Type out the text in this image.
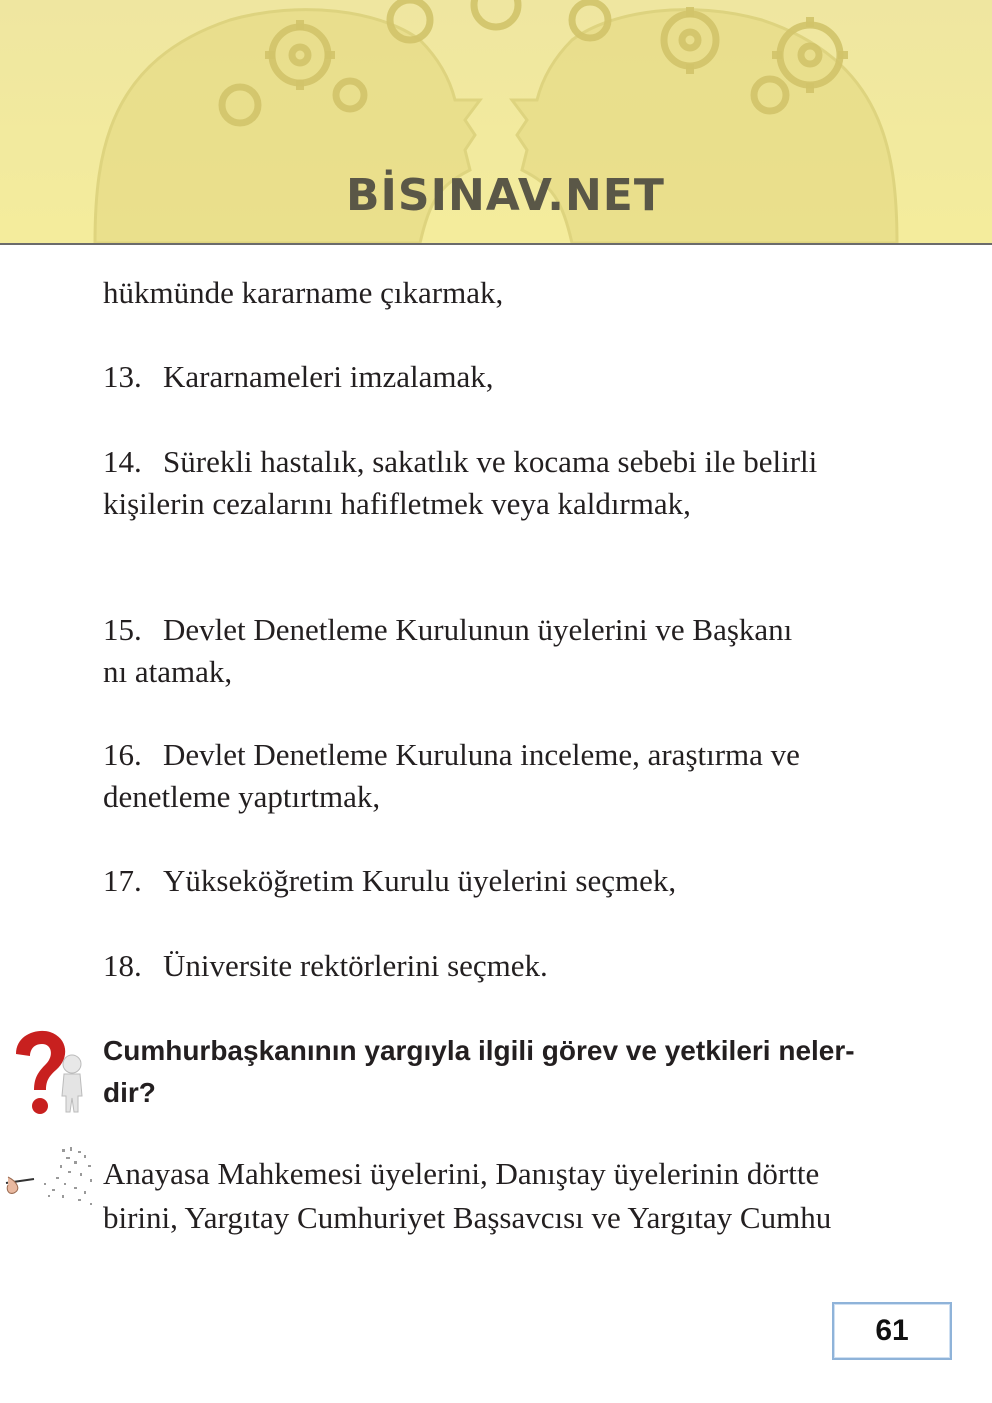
BİSINAV.NET
hükmünde kararname çıkarmak,
13. Kararnameleri imzalamak,
14. Sürekli hastalık, sakatlık ve kocama sebebi ile belirli
kişilerin cezalarını hafifletmek veya kaldırmak,
15. Devlet Denetleme Kurulunun üyelerini ve Başkanı
nı atamak,
16. Devlet Denetleme Kuruluna inceleme, araştırma ve
denetleme yaptırtmak,
17. Yükseköğretim Kurulu üyelerini seçmek,
18. Üniversite rektörlerini seçmek.
Cumhurbaşkanının yargıyla ilgili görev ve yetkileri neler-
dir?
Anayasa Mahkemesi üyelerini, Danıştay üyelerinin dörtte
birini, Yargıtay Cumhuriyet Başsavcısı ve Yargıtay Cumhu
61
